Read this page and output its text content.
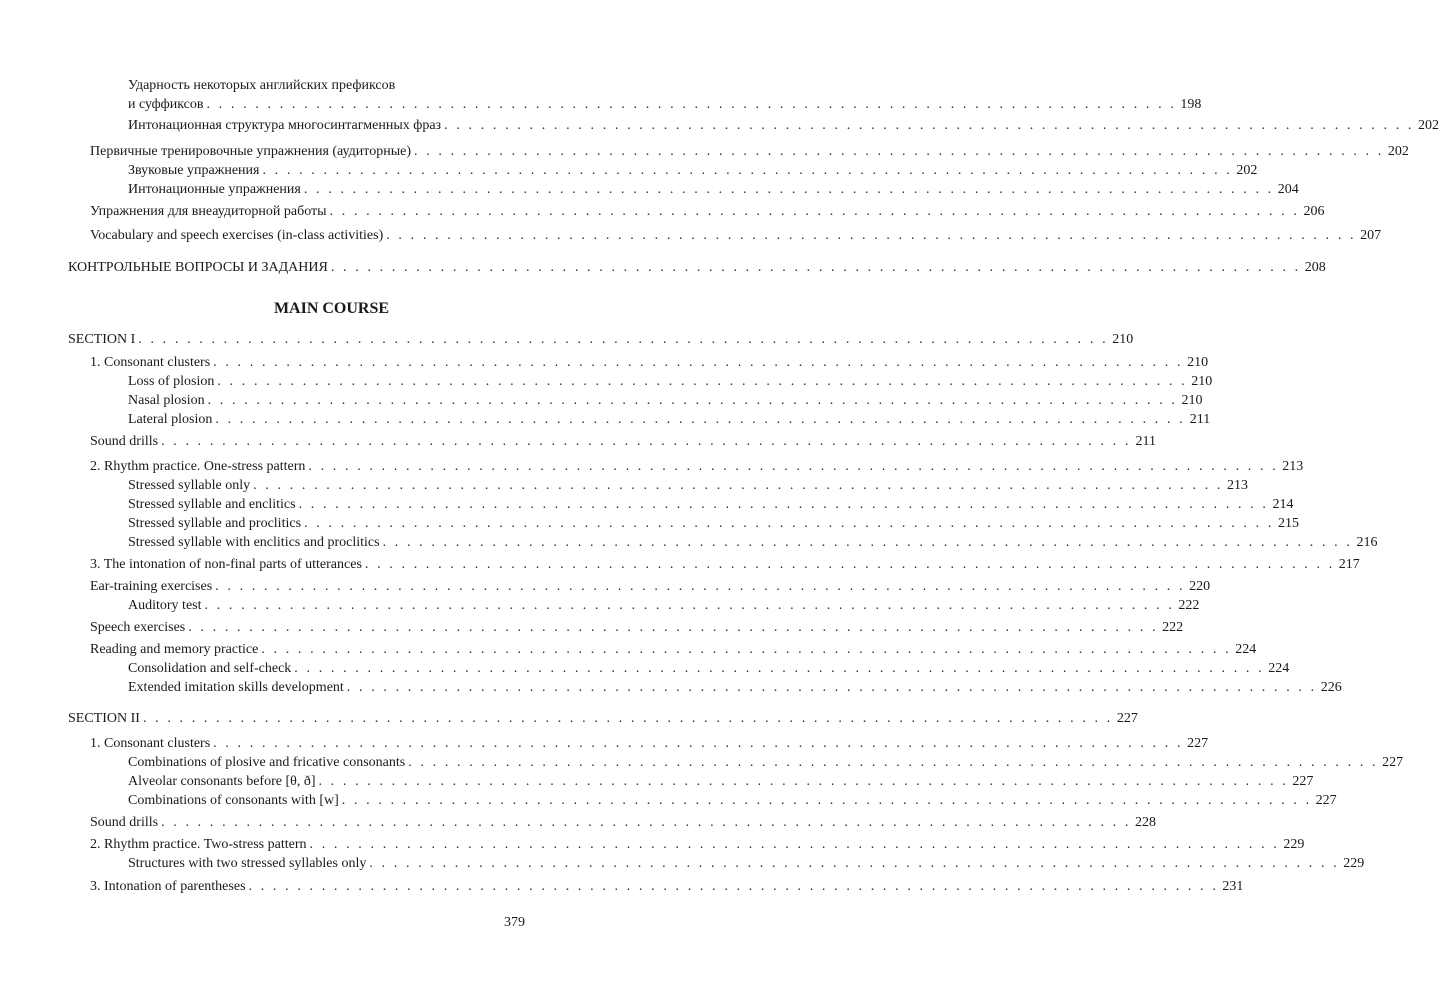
Ударность некоторых английских префиксов
и суффиксов . . . . . . . . . . . . . . . . . . . . . . . . . . . . . . . . . . . . . . . . . . . . . . . . . . . . . . . . . . . . . . . . . . . . . . . . . . . . . . . . 198
Интонационная структура многосинтагменных фраз . . . . . . . . . . . . . . . . . . . . . . . . . . . . . . . . . . . . . . . . . . . . . . . . . . . . . . . . . . . . . . . . . . . . . . . . . . . . . . . . 202
Первичные тренировочные упражнения (аудиторные) . . . . . . . . . . . . . . . . . . . . . . . . . . . . . . . . . . . . . . . . . . . . . . . . . . . . . . . . . . . . . . . . . . . . . . . . . . . . . . . . 202
Звуковые упражнения . . . . . . . . . . . . . . . . . . . . . . . . . . . . . . . . . . . . . . . . . . . . . . . . . . . . . . . . . . . . . . . . . . . . . . . . . . . . . . . . 202
Интонационные упражнения . . . . . . . . . . . . . . . . . . . . . . . . . . . . . . . . . . . . . . . . . . . . . . . . . . . . . . . . . . . . . . . . . . . . . . . . . . . . . . . . 204
Упражнения для внеаудиторной работы . . . . . . . . . . . . . . . . . . . . . . . . . . . . . . . . . . . . . . . . . . . . . . . . . . . . . . . . . . . . . . . . . . . . . . . . . . . . . . . . 206
Vocabulary and speech exercises (in-class activities) . . . . . . . . . . . . . . . . . . . . . . . . . . . . . . . . . . . . . . . . . . . . . . . . . . . . . . . . . . . . . . . . . . . . . . . . . . . . . . . . 207
КОНТРОЛЬНЫЕ ВОПРОСЫ И ЗАДАНИЯ . . . . . . . . . . . . . . . . . . . . . . . . . . . . . . . . . . . . . . . . . . . . . . . . . . . . . . . . . . . . . . . . . . . . . . . . . . . . . . . . 208
MAIN COURSE
SECTION I . . . . . . . . . . . . . . . . . . . . . . . . . . . . . . . . . . . . . . . . . . . . . . . . . . . . . . . . . . . . . . . . . . . . . . . . . . . . . . . . 210
1. Consonant clusters . . . . . . . . . . . . . . . . . . . . . . . . . . . . . . . . . . . . . . . . . . . . . . . . . . . . . . . . . . . . . . . . . . . . . . . . . . . . . . . . 210
Loss of plosion . . . . . . . . . . . . . . . . . . . . . . . . . . . . . . . . . . . . . . . . . . . . . . . . . . . . . . . . . . . . . . . . . . . . . . . . . . . . . . . . 210
Nasal plosion . . . . . . . . . . . . . . . . . . . . . . . . . . . . . . . . . . . . . . . . . . . . . . . . . . . . . . . . . . . . . . . . . . . . . . . . . . . . . . . . 210
Lateral plosion . . . . . . . . . . . . . . . . . . . . . . . . . . . . . . . . . . . . . . . . . . . . . . . . . . . . . . . . . . . . . . . . . . . . . . . . . . . . . . . . 211
Sound drills . . . . . . . . . . . . . . . . . . . . . . . . . . . . . . . . . . . . . . . . . . . . . . . . . . . . . . . . . . . . . . . . . . . . . . . . . . . . . . . . 211
2. Rhythm practice. One-stress pattern . . . . . . . . . . . . . . . . . . . . . . . . . . . . . . . . . . . . . . . . . . . . . . . . . . . . . . . . . . . . . . . . . . . . . . . . . . . . . . . . 213
Stressed syllable only . . . . . . . . . . . . . . . . . . . . . . . . . . . . . . . . . . . . . . . . . . . . . . . . . . . . . . . . . . . . . . . . . . . . . . . . . . . . . . . . 213
Stressed syllable and enclitics . . . . . . . . . . . . . . . . . . . . . . . . . . . . . . . . . . . . . . . . . . . . . . . . . . . . . . . . . . . . . . . . . . . . . . . . . . . . . . . . 214
Stressed syllable and proclitics . . . . . . . . . . . . . . . . . . . . . . . . . . . . . . . . . . . . . . . . . . . . . . . . . . . . . . . . . . . . . . . . . . . . . . . . . . . . . . . . 215
Stressed syllable with enclitics and proclitics . . . . . . . . . . . . . . . . . . . . . . . . . . . . . . . . . . . . . . . . . . . . . . . . . . . . . . . . . . . . . . . . . . . . . . . . . . . . . . . . 216
3. The intonation of non-final parts of utterances . . . . . . . . . . . . . . . . . . . . . . . . . . . . . . . . . . . . . . . . . . . . . . . . . . . . . . . . . . . . . . . . . . . . . . . . . . . . . . . . 217
Ear-training exercises . . . . . . . . . . . . . . . . . . . . . . . . . . . . . . . . . . . . . . . . . . . . . . . . . . . . . . . . . . . . . . . . . . . . . . . . . . . . . . . . 220
Auditory test . . . . . . . . . . . . . . . . . . . . . . . . . . . . . . . . . . . . . . . . . . . . . . . . . . . . . . . . . . . . . . . . . . . . . . . . . . . . . . . . 222
Speech exercises . . . . . . . . . . . . . . . . . . . . . . . . . . . . . . . . . . . . . . . . . . . . . . . . . . . . . . . . . . . . . . . . . . . . . . . . . . . . . . . . 222
Reading and memory practice . . . . . . . . . . . . . . . . . . . . . . . . . . . . . . . . . . . . . . . . . . . . . . . . . . . . . . . . . . . . . . . . . . . . . . . . . . . . . . . . 224
Consolidation and self-check . . . . . . . . . . . . . . . . . . . . . . . . . . . . . . . . . . . . . . . . . . . . . . . . . . . . . . . . . . . . . . . . . . . . . . . . . . . . . . . . 224
Extended imitation skills development . . . . . . . . . . . . . . . . . . . . . . . . . . . . . . . . . . . . . . . . . . . . . . . . . . . . . . . . . . . . . . . . . . . . . . . . . . . . . . . . 226
SECTION II . . . . . . . . . . . . . . . . . . . . . . . . . . . . . . . . . . . . . . . . . . . . . . . . . . . . . . . . . . . . . . . . . . . . . . . . . . . . . . . . 227
1. Consonant clusters . . . . . . . . . . . . . . . . . . . . . . . . . . . . . . . . . . . . . . . . . . . . . . . . . . . . . . . . . . . . . . . . . . . . . . . . . . . . . . . . 227
Combinations of plosive and fricative consonants . . . . . . . . . . . . . . . . . . . . . . . . . . . . . . . . . . . . . . . . . . . . . . . . . . . . . . . . . . . . . . . . . . . . . . . . . . . . . . . . 227
Alveolar consonants before [θ, ð] . . . . . . . . . . . . . . . . . . . . . . . . . . . . . . . . . . . . . . . . . . . . . . . . . . . . . . . . . . . . . . . . . . . . . . . . . . . . . . . . 227
Combinations of consonants with [w] . . . . . . . . . . . . . . . . . . . . . . . . . . . . . . . . . . . . . . . . . . . . . . . . . . . . . . . . . . . . . . . . . . . . . . . . . . . . . . . . 227
Sound drills . . . . . . . . . . . . . . . . . . . . . . . . . . . . . . . . . . . . . . . . . . . . . . . . . . . . . . . . . . . . . . . . . . . . . . . . . . . . . . . . 228
2. Rhythm practice. Two-stress pattern . . . . . . . . . . . . . . . . . . . . . . . . . . . . . . . . . . . . . . . . . . . . . . . . . . . . . . . . . . . . . . . . . . . . . . . . . . . . . . . . 229
Structures with two stressed syllables only . . . . . . . . . . . . . . . . . . . . . . . . . . . . . . . . . . . . . . . . . . . . . . . . . . . . . . . . . . . . . . . . . . . . . . . . . . . . . . . . 229
3. Intonation of parentheses . . . . . . . . . . . . . . . . . . . . . . . . . . . . . . . . . . . . . . . . . . . . . . . . . . . . . . . . . . . . . . . . . . . . . . . . . . . . . . . . 231
379
